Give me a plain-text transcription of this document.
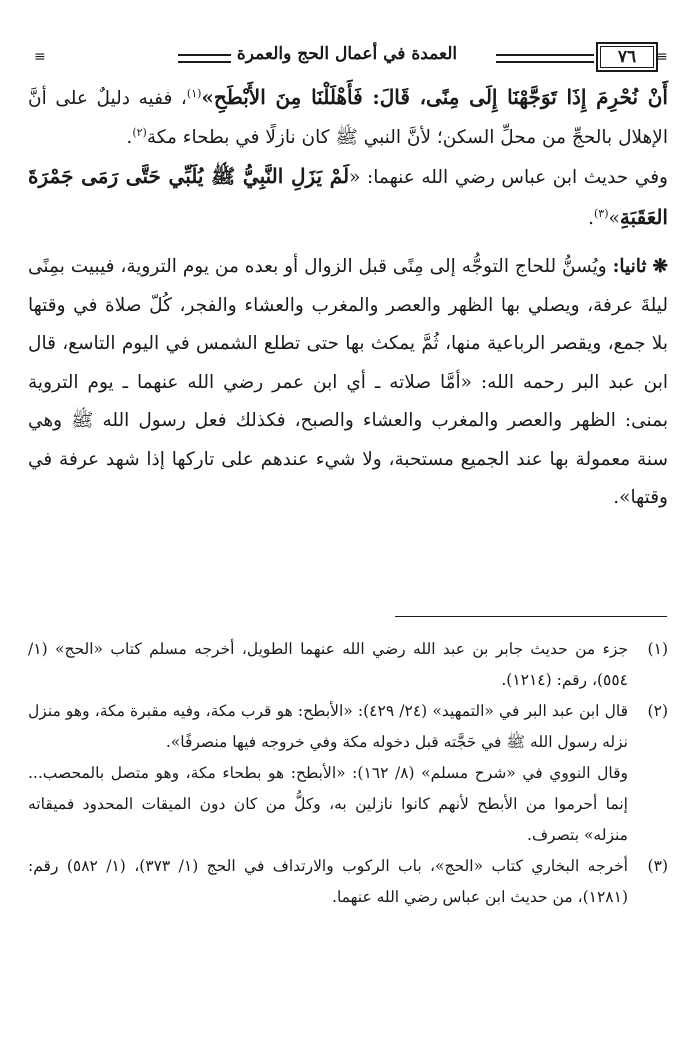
≡	العمدة في أعمال الحج والعمرة	٧٦	≡

أَنْ نُحْرِمَ إِذَا تَوَجَّهْنَا إِلَى مِنًى، قَالَ: فَأَهْلَلْنَا مِنَ الأَبْطَحِ»$^{(١)}$، ففيه دليلٌ على أنَّ الإهلال بالحجِّ من محلِّ السكن؛ لأنَّ النبي ﷺ كان نازلًا في بطحاء مكة$^{(٢)}$.

وفي حديث ابن عباس رضي الله عنهما: «لَمْ يَزَلِ النَّبِيُّ ﷺ يُلَبِّي حَتَّى رَمَى جَمْرَةَ العَقَبَةِ»$^{(٣)}$.

❋ ثانيا: ويُسنُّ للحاج التوجُّه إلى مِنًى قبل الزوال أو بعده من يوم التروية، فيبيت بمِنًى ليلةَ عرفة، ويصلي بها الظهر والعصر والمغرب والعشاء والفجر، كُلّ صلاة في وقتها بلا جمع، ويقصر الرباعية منها، ثُمَّ يمكث بها حتى تطلع الشمس في اليوم التاسع، قال ابن عبد البر رحمه الله: «أمَّا صلاته ـ أي ابن عمر رضي الله عنهما ـ يوم التروية بمنى: الظهر والعصر والمغرب والعشاء والصبح، فكذلك فعل رسول الله ﷺ وهي سنة معمولة بها عند الجميع مستحبة، ولا شيء عندهم على تاركها إذا شهد عرفة في وقتها».

(١)

جزء من حديث جابر بن عبد الله رضي الله عنهما الطويل، أخرجه مسلم كتاب «الحج» (١/ ٥٥٤)، رقم: (١٢١٤).

(٢)

قال ابن عبد البر في «التمهيد» (٢٤/ ٤٢٩): «الأبطح: هو قرب مكة، وفيه مقبرة مكة، وهو منزل نزله رسول الله ﷺ في حَجَّته قبل دخوله مكة وفي خروجه فيها منصرفًا».

وقال النووي في «شرح مسلم» (٨/ ١٦٢): «الأبطح: هو بطحاء مكة، وهو متصل بالمحصب... إنما أحرموا من الأبطح لأنهم كانوا نازلين به، وكلُّ من كان دون الميقات المحدود فميقاته منزله» بتصرف.

(٣)

أخرجه البخاري كتاب «الحج»، باب الركوب والارتداف في الحج (١/ ٣٧٣)، (١/ ٥٨٢) رقم: (١٢٨١)، من حديث ابن عباس رضي الله عنهما.
